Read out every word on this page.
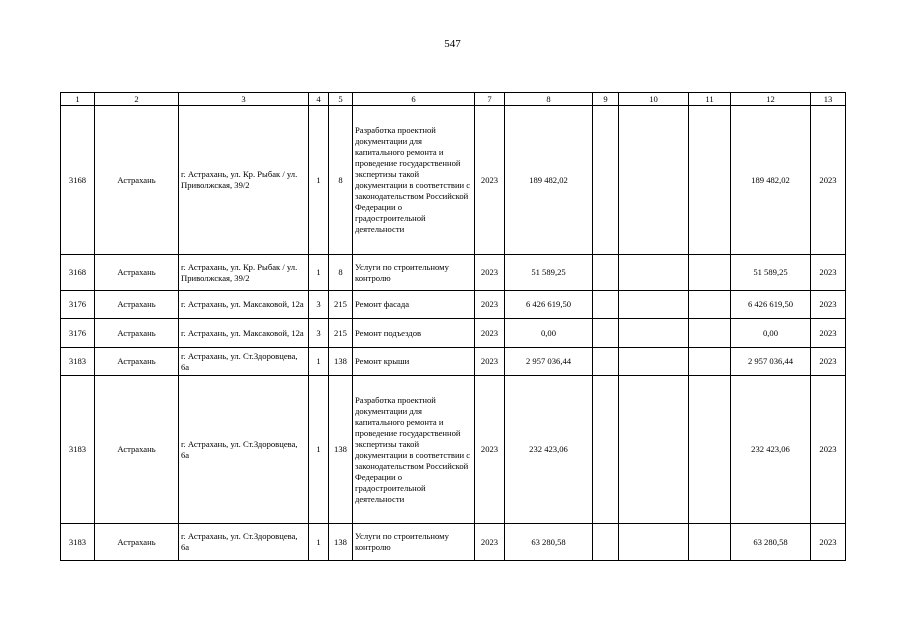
547
1	2	3	4	5	6	7	8	9	10	11	12	13
3168	Астрахань	г. Астрахань, ул. Кр. Рыбак / ул. Приволжская, 39/2	1	8	Разработка проектной документации для капитального ремонта и проведение государственной экспертизы такой документации в соответствии с законодательством Российской Федерации о градостроительной деятельности	2023	189 482,02				189 482,02	2023
3168	Астрахань	г. Астрахань, ул. Кр. Рыбак / ул. Приволжская, 39/2	1	8	Услуги по строительному контролю	2023	51 589,25				51 589,25	2023
3176	Астрахань	г. Астрахань, ул. Максаковой, 12а	3	215	Ремонт фасада	2023	6 426 619,50				6 426 619,50	2023
3176	Астрахань	г. Астрахань, ул. Максаковой, 12а	3	215	Ремонт подъездов	2023	0,00				0,00	2023
3183	Астрахань	г. Астрахань, ул. Ст.Здоровцева, 6а	1	138	Ремонт крыши	2023	2 957 036,44				2 957 036,44	2023
3183	Астрахань	г. Астрахань, ул. Ст.Здоровцева, 6а	1	138	Разработка проектной документации для капитального ремонта и проведение государственной экспертизы такой документации в соответствии с законодательством Российской Федерации о градостроительной деятельности	2023	232 423,06				232 423,06	2023
3183	Астрахань	г. Астрахань, ул. Ст.Здоровцева, 6а	1	138	Услуги по строительному контролю	2023	63 280,58				63 280,58	2023
